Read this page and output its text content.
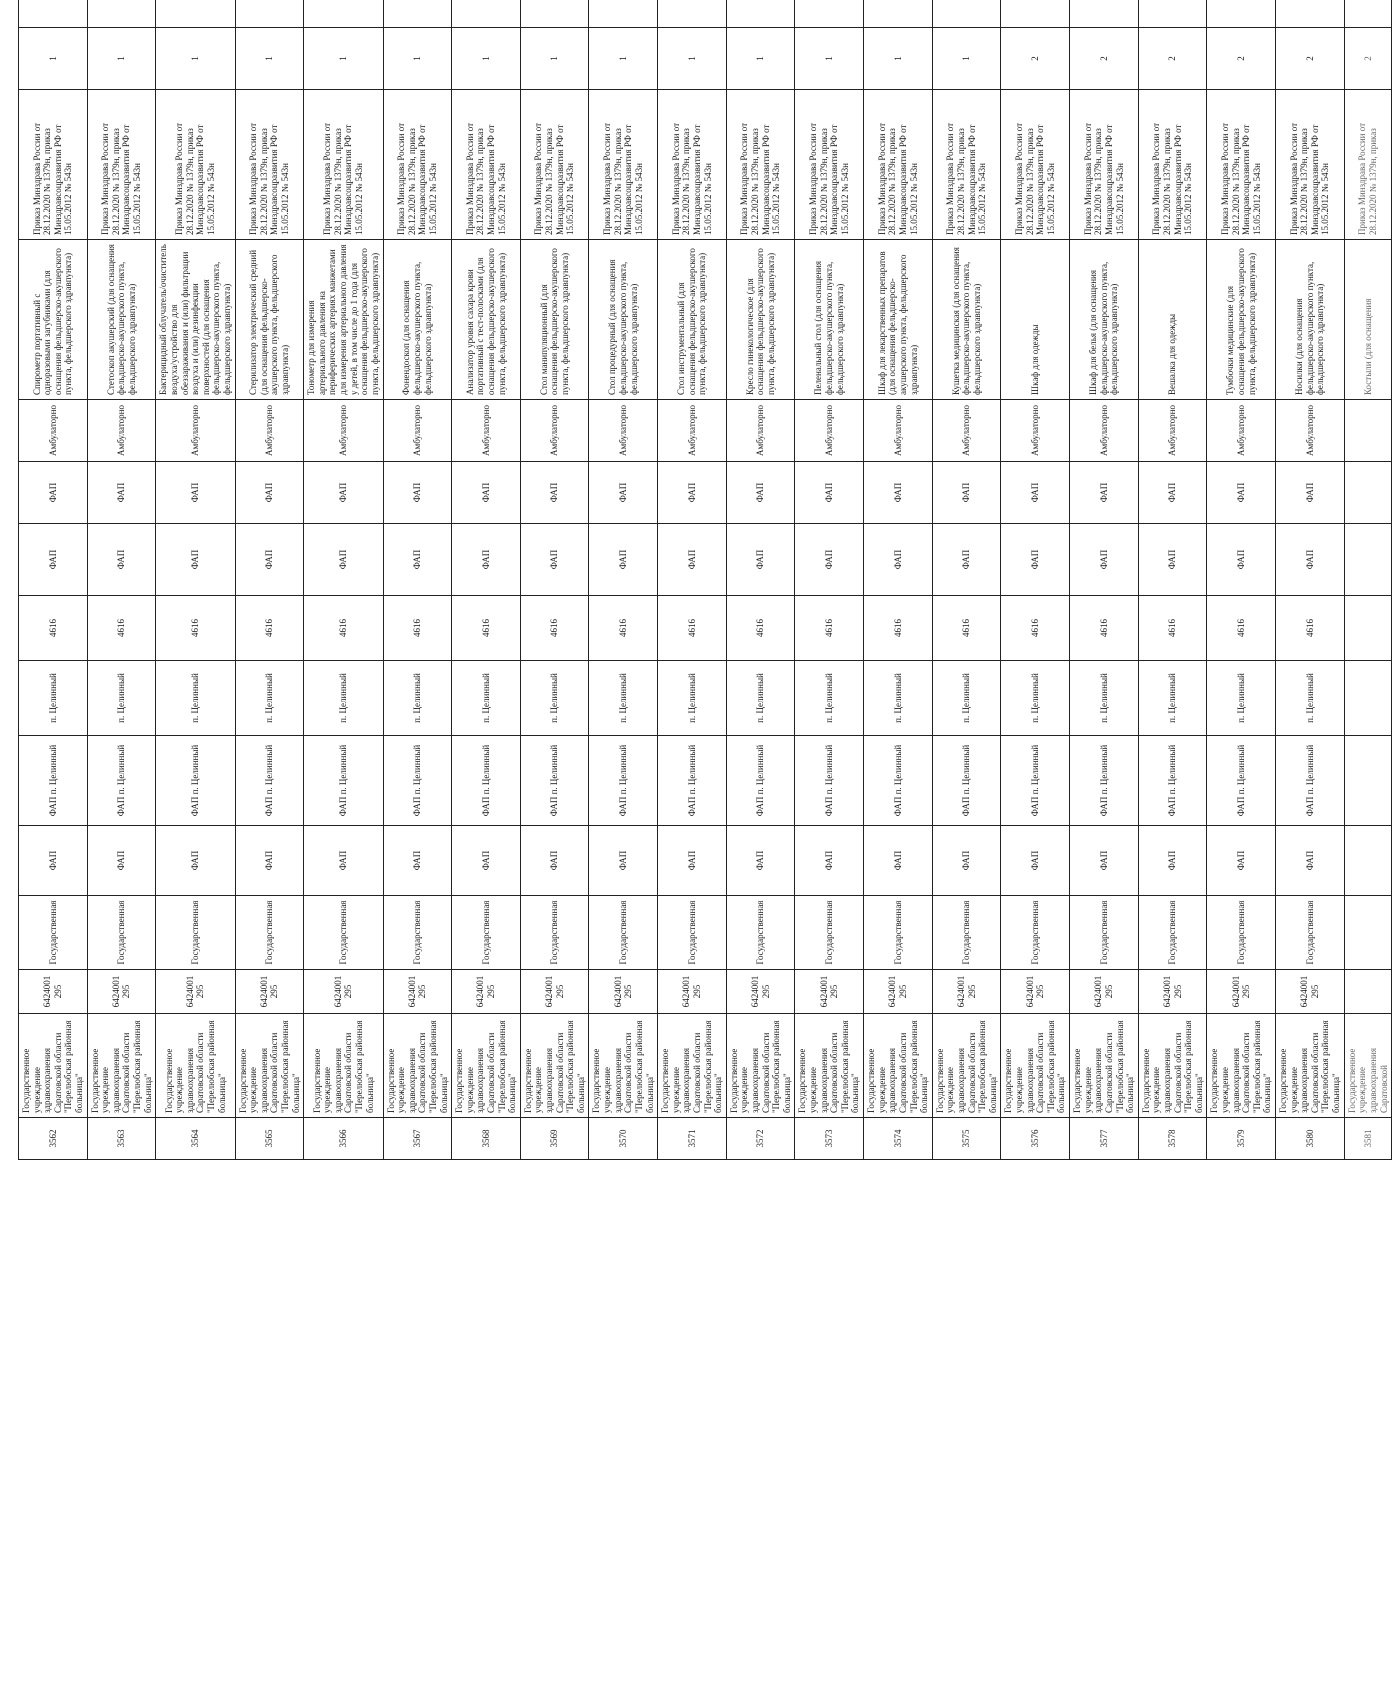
3562	Государственное учреждение здравоохранения Саратовской области "Перелюбская районная больница"	6424001295	Государственная	ФАП	ФАП п. Целинный	п. Целинный	4616	ФАП	ФАП	Амбулаторно	Спирометр портативный с одноразовыми загубниками (для оснащения фельдшерско-акушерского пункта, фельдшерского здравпункта)	Приказ Минздрава России от 28.12.2020 № 1379н, приказ Минздравсоцразвития РФ от 15.05.2012 № 543н	1	
3563	Государственное учреждение здравоохранения Саратовской области "Перелюбская районная больница"	6424001295	Государственная	ФАП	ФАП п. Целинный	п. Целинный	4616	ФАП	ФАП	Амбулаторно	Стетоскоп акушерский (для оснащения фельдшерско-акушерского пункта, фельдшерского здравпункта)	Приказ Минздрава России от 28.12.2020 № 1379н, приказ Минздравсоцразвития РФ от 15.05.2012 № 543н	1	
3564	Государственное учреждение здравоохранения Саратовской области "Перелюбская районная больница"	6424001295	Государственная	ФАП	ФАП п. Целинный	п. Целинный	4616	ФАП	ФАП	Амбулаторно	Бактерицидный облучатель/очиститель воздуха/устройство для обеззараживания и (или) фильтрации воздуха и (или) дезинфекции поверхностей (для оснащения фельдшерско-акушерского пункта, фельдшерского здравпункта)	Приказ Минздрава России от 28.12.2020 № 1379н, приказ Минздравсоцразвития РФ от 15.05.2012 № 543н	1	
3565	Государственное учреждение здравоохранения Саратовской области "Перелюбская районная больница"	6424001295	Государственная	ФАП	ФАП п. Целинный	п. Целинный	4616	ФАП	ФАП	Амбулаторно	Стерилизатор электрический средний (для оснащения фельдшерско-акушерского пункта, фельдшерского здравпункта)	Приказ Минздрава России от 28.12.2020 № 1379н, приказ Минздравсоцразвития РФ от 15.05.2012 № 543н	1	
3566	Государственное учреждение здравоохранения Саратовской области "Перелюбская районная больница"	6424001295	Государственная	ФАП	ФАП п. Целинный	п. Целинный	4616	ФАП	ФАП	Амбулаторно	Тонометр для измерения артериального давления на периферических артериях манжетами для измерения артериального давления у детей, в том числе до 1 года (для оснащения фельдшерско-акушерского пункта, фельдшерского здравпункта)	Приказ Минздрава России от 28.12.2020 № 1379н, приказ Минздравсоцразвития РФ от 15.05.2012 № 543н	1	
3567	Государственное учреждение здравоохранения Саратовской области "Перелюбская районная больница"	6424001295	Государственная	ФАП	ФАП п. Целинный	п. Целинный	4616	ФАП	ФАП	Амбулаторно	Фонендоскоп (для оснащения фельдшерско-акушерского пункта, фельдшерского здравпункта)	Приказ Минздрава России от 28.12.2020 № 1379н, приказ Минздравсоцразвития РФ от 15.05.2012 № 543н	1	
3568	Государственное учреждение здравоохранения Саратовской области "Перелюбская районная больница"	6424001295	Государственная	ФАП	ФАП п. Целинный	п. Целинный	4616	ФАП	ФАП	Амбулаторно	Анализатор уровня сахара крови портативный с тест-полосками (для оснащения фельдшерско-акушерского пункта, фельдшерского здравпункта)	Приказ Минздрава России от 28.12.2020 № 1379н, приказ Минздравсоцразвития РФ от 15.05.2012 № 543н	1	
3569	Государственное учреждение здравоохранения Саратовской области "Перелюбская районная больница"	6424001295	Государственная	ФАП	ФАП п. Целинный	п. Целинный	4616	ФАП	ФАП	Амбулаторно	Стол манипуляционный (для оснащения фельдшерско-акушерского пункта, фельдшерского здравпункта)	Приказ Минздрава России от 28.12.2020 № 1379н, приказ Минздравсоцразвития РФ от 15.05.2012 № 543н	1	
3570	Государственное учреждение здравоохранения Саратовской области "Перелюбская районная больница"	6424001295	Государственная	ФАП	ФАП п. Целинный	п. Целинный	4616	ФАП	ФАП	Амбулаторно	Стол процедурный (для оснащения фельдшерско-акушерского пункта, фельдшерского здравпункта)	Приказ Минздрава России от 28.12.2020 № 1379н, приказ Минздравсоцразвития РФ от 15.05.2012 № 543н	1	
3571	Государственное учреждение здравоохранения Саратовской области "Перелюбская районная больница"	6424001295	Государственная	ФАП	ФАП п. Целинный	п. Целинный	4616	ФАП	ФАП	Амбулаторно	Стол инструментальный (для оснащения фельдшерско-акушерского пункта, фельдшерского здравпункта)	Приказ Минздрава России от 28.12.2020 № 1379н, приказ Минздравсоцразвития РФ от 15.05.2012 № 543н	1	
3572	Государственное учреждение здравоохранения Саратовской области "Перелюбская районная больница"	6424001295	Государственная	ФАП	ФАП п. Целинный	п. Целинный	4616	ФАП	ФАП	Амбулаторно	Кресло гинекологическое (для оснащения фельдшерско-акушерского пункта, фельдшерского здравпункта)	Приказ Минздрава России от 28.12.2020 № 1379н, приказ Минздравсоцразвития РФ от 15.05.2012 № 543н	1	
3573	Государственное учреждение здравоохранения Саратовской области "Перелюбская районная больница"	6424001295	Государственная	ФАП	ФАП п. Целинный	п. Целинный	4616	ФАП	ФАП	Амбулаторно	Пеленальный стол (для оснащения фельдшерско-акушерского пункта, фельдшерского здравпункта)	Приказ Минздрава России от 28.12.2020 № 1379н, приказ Минздравсоцразвития РФ от 15.05.2012 № 543н	1	
3574	Государственное учреждение здравоохранения Саратовской области "Перелюбская районная больница"	6424001295	Государственная	ФАП	ФАП п. Целинный	п. Целинный	4616	ФАП	ФАП	Амбулаторно	Шкаф для лекарственных препаратов (для оснащения фельдшерско-акушерского пункта, фельдшерского здравпункта)	Приказ Минздрава России от 28.12.2020 № 1379н, приказ Минздравсоцразвития РФ от 15.05.2012 № 543н	1	
3575	Государственное учреждение здравоохранения Саратовской области "Перелюбская районная больница"	6424001295	Государственная	ФАП	ФАП п. Целинный	п. Целинный	4616	ФАП	ФАП	Амбулаторно	Кушетка медицинская (для оснащения фельдшерско-акушерского пункта, фельдшерского здравпункта)	Приказ Минздрава России от 28.12.2020 № 1379н, приказ Минздравсоцразвития РФ от 15.05.2012 № 543н	1	
3576	Государственное учреждение здравоохранения Саратовской области "Перелюбская районная больница"	6424001295	Государственная	ФАП	ФАП п. Целинный	п. Целинный	4616	ФАП	ФАП	Амбулаторно	Шкаф для одежды	Приказ Минздрава России от 28.12.2020 № 1379н, приказ Минздравсоцразвития РФ от 15.05.2012 № 543н	2	
3577	Государственное учреждение здравоохранения Саратовской области "Перелюбская районная больница"	6424001295	Государственная	ФАП	ФАП п. Целинный	п. Целинный	4616	ФАП	ФАП	Амбулаторно	Шкаф для белья (для оснащения фельдшерско-акушерского пункта, фельдшерского здравпункта)	Приказ Минздрава России от 28.12.2020 № 1379н, приказ Минздравсоцразвития РФ от 15.05.2012 № 543н	2	
3578	Государственное учреждение здравоохранения Саратовской области "Перелюбская районная больница"	6424001295	Государственная	ФАП	ФАП п. Целинный	п. Целинный	4616	ФАП	ФАП	Амбулаторно	Вешалка для одежды	Приказ Минздрава России от 28.12.2020 № 1379н, приказ Минздравсоцразвития РФ от 15.05.2012 № 543н	2	
3579	Государственное учреждение здравоохранения Саратовской области "Перелюбская районная больница"	6424001295	Государственная	ФАП	ФАП п. Целинный	п. Целинный	4616	ФАП	ФАП	Амбулаторно	Тумбочки медицинские (для оснащения фельдшерско-акушерского пункта, фельдшерского здравпункта)	Приказ Минздрава России от 28.12.2020 № 1379н, приказ Минздравсоцразвития РФ от 15.05.2012 № 543н	2	
3580	Государственное учреждение здравоохранения Саратовской области "Перелюбская районная больница"	6424001295	Государственная	ФАП	ФАП п. Целинный	п. Целинный	4616	ФАП	ФАП	Амбулаторно	Носилки (для оснащения фельдшерско-акушерского пункта, фельдшерского здравпункта)	Приказ Минздрава России от 28.12.2020 № 1379н, приказ Минздравсоцразвития РФ от 15.05.2012 № 543н	2	
3581	Государственное учреждение здравоохранения Саратовской										Костыли (для оснащения	Приказ Минздрава России от 28.12.2020 № 1379н, приказ	2	
